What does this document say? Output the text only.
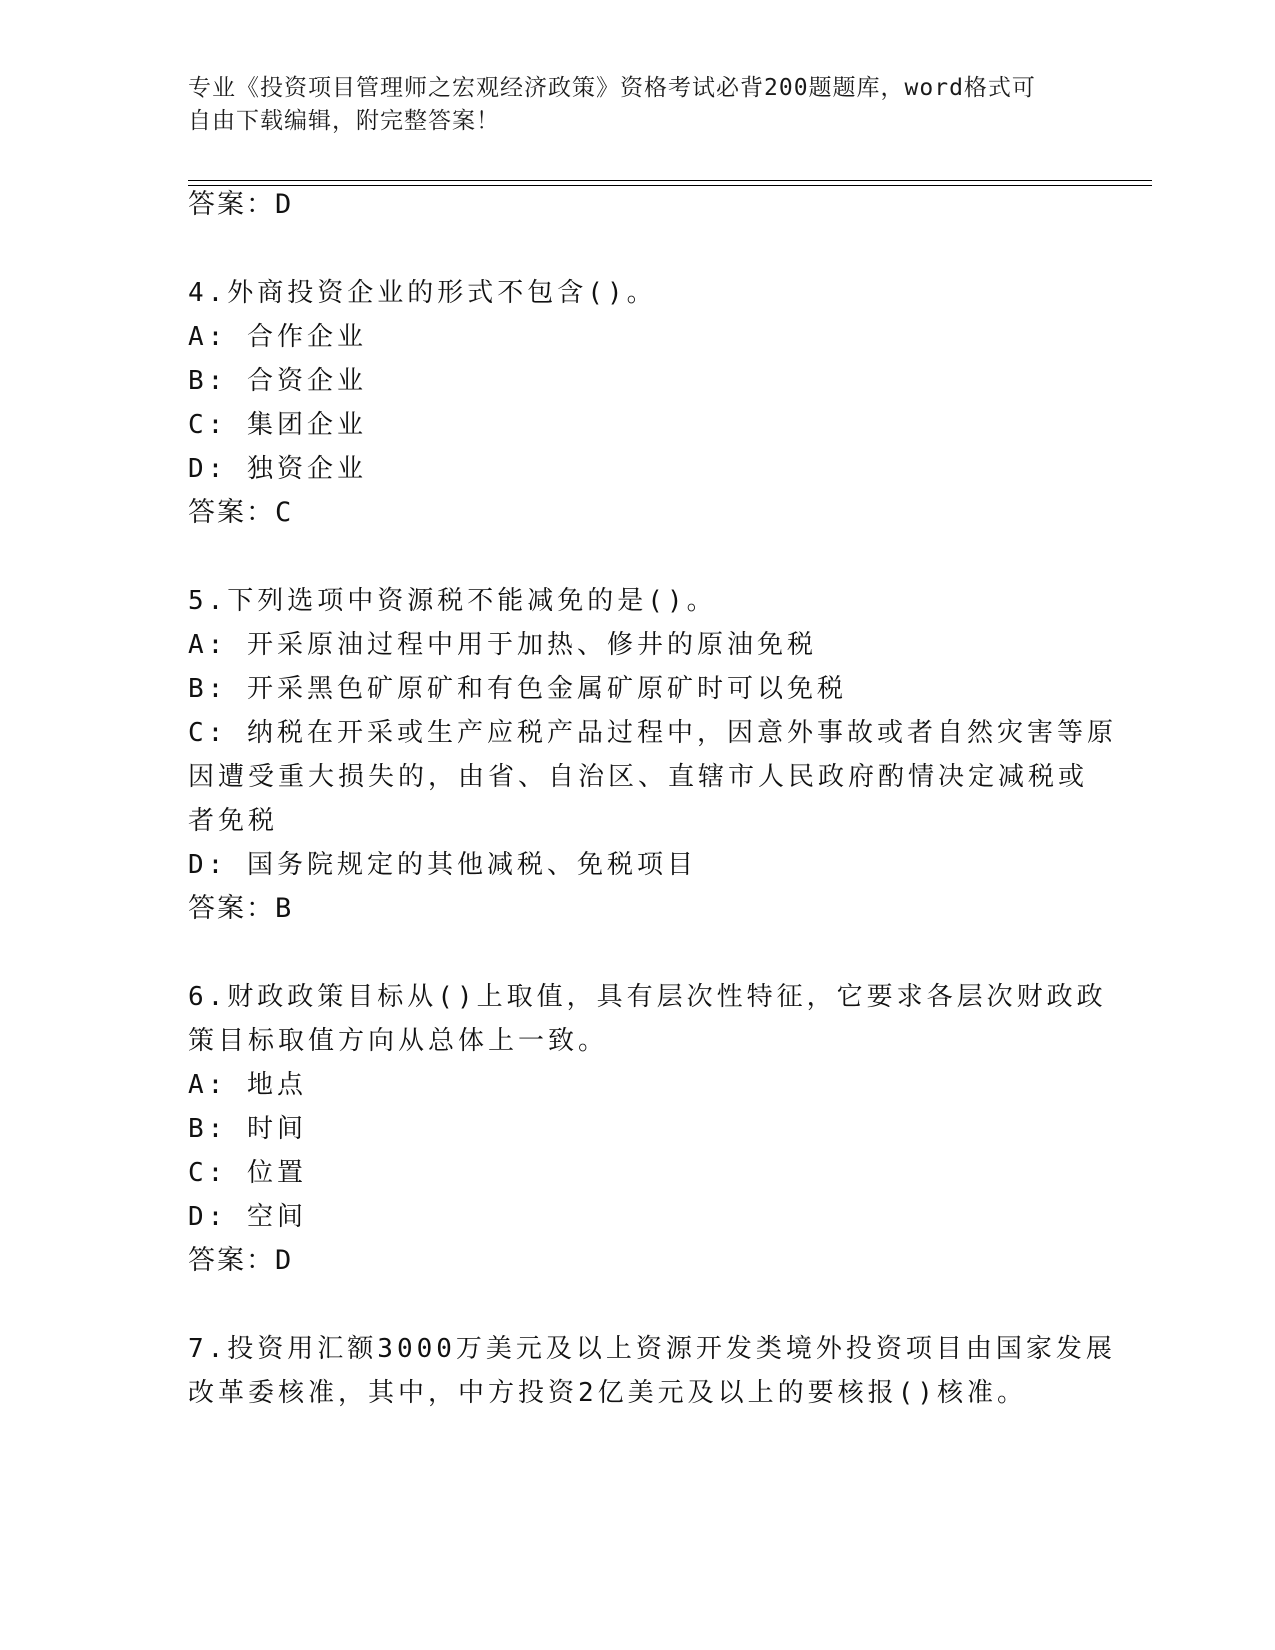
专业《投资项目管理师之宏观经济政策》资格考试必背200题题库，word格式可
自由下载编辑，附完整答案！
答案：D
4.外商投资企业的形式不包含()。
A: 合作企业
B: 合资企业
C: 集团企业
D: 独资企业
答案：C
5.下列选项中资源税不能减免的是()。
A: 开采原油过程中用于加热、修井的原油免税
B: 开采黑色矿原矿和有色金属矿原矿时可以免税
C: 纳税在开采或生产应税产品过程中，因意外事故或者自然灾害等原
因遭受重大损失的，由省、自治区、直辖市人民政府酌情决定减税或
者免税
D: 国务院规定的其他减税、免税项目
答案：B
6.财政政策目标从()上取值，具有层次性特征，它要求各层次财政政
策目标取值方向从总体上一致。
A: 地点
B: 时间
C: 位置
D: 空间
答案：D
7.投资用汇额3000万美元及以上资源开发类境外投资项目由国家发展
改革委核准，其中，中方投资2亿美元及以上的要核报()核准。
